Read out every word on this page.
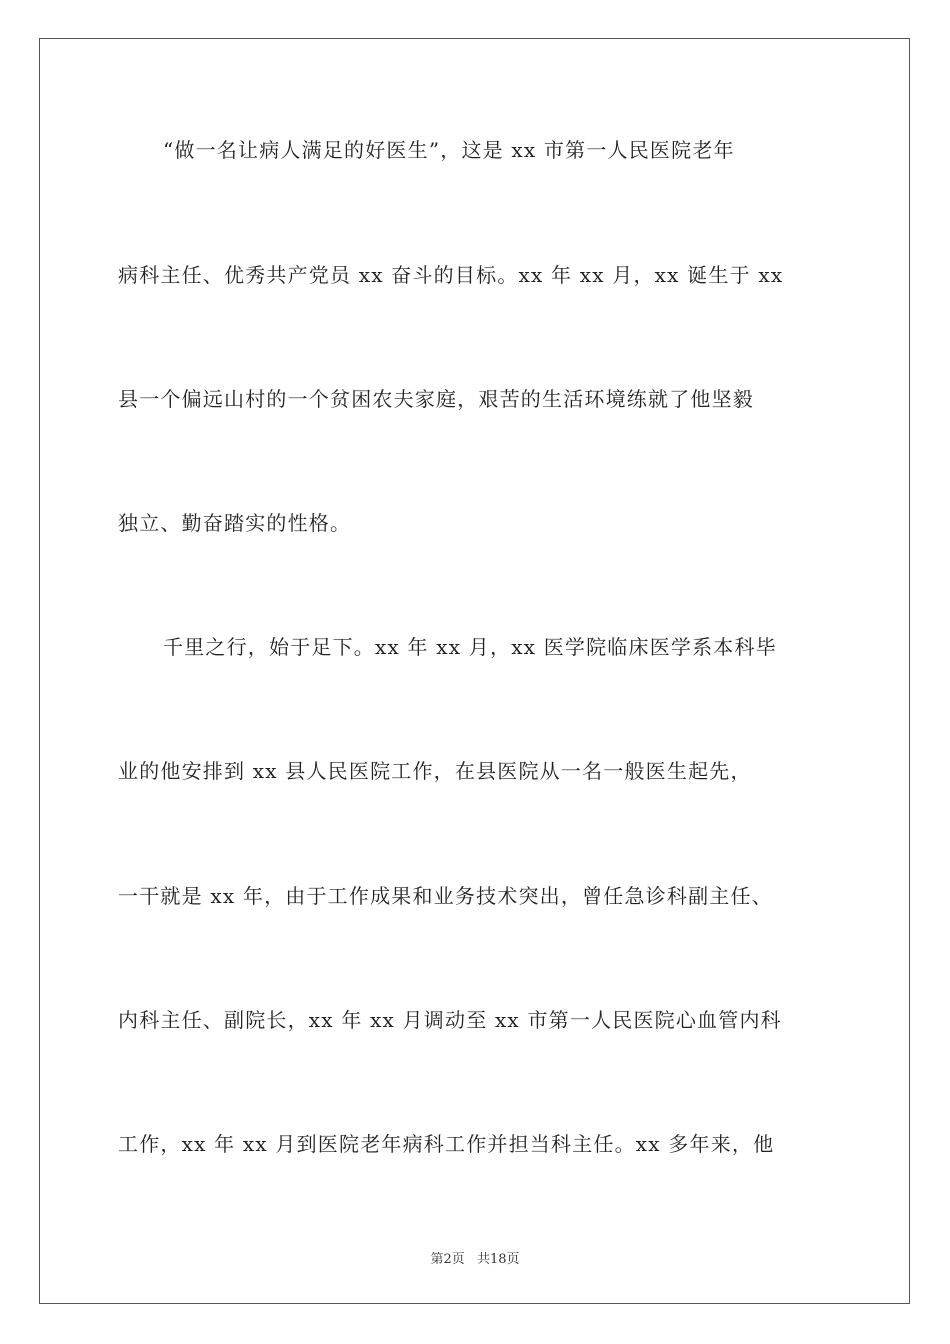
“做一名让病人满足的好医生”，这是 xx 市第一人民医院老年
病科主任、优秀共产党员 xx 奋斗的目标。xx 年 xx 月，xx 诞生于 xx
县一个偏远山村的一个贫困农夫家庭，艰苦的生活环境练就了他坚毅
独立、勤奋踏实的性格。
千里之行，始于足下。xx 年 xx 月，xx 医学院临床医学系本科毕
业的他安排到 xx 县人民医院工作，在县医院从一名一般医生起先，
一干就是 xx 年，由于工作成果和业务技术突出，曾任急诊科副主任、
内科主任、副院长，xx 年 xx 月调动至 xx 市第一人民医院心血管内科
工作，xx 年 xx 月到医院老年病科工作并担当科主任。xx 多年来，他
第2页 共18页
